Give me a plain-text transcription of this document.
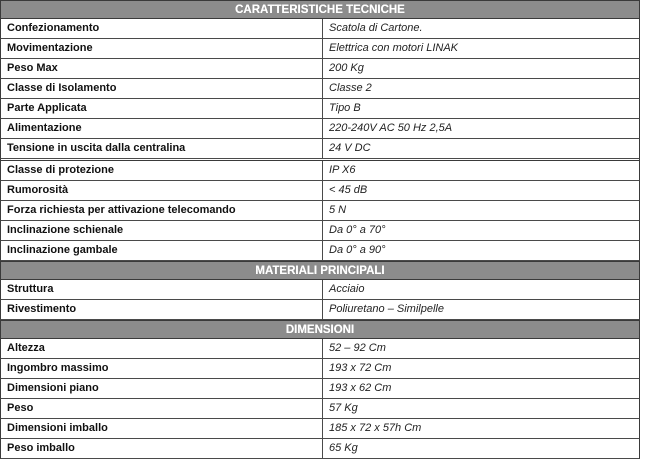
CARATTERISTICHE TECNICHE
Confezionamento	Scatola di Cartone.
Movimentazione	Elettrica con motori LINAK
Peso Max	200 Kg
Classe di Isolamento	Classe 2
Parte Applicata	Tipo B
Alimentazione	220-240V AC 50 Hz 2,5A
Tensione in uscita dalla centralina	24 V DC
Classe di protezione	IP X6
Rumorosità	< 45 dB
Forza richiesta per attivazione telecomando	5 N
Inclinazione schienale	Da 0° a 70°
Inclinazione gambale	Da 0° a 90°
MATERIALI PRINCIPALI
Struttura	Acciaio
Rivestimento	Poliuretano – Similpelle
DIMENSIONI
Altezza	52 – 92 Cm
Ingombro massimo	193 x 72 Cm
Dimensioni piano	193 x 62 Cm
Peso	57 Kg
Dimensioni imballo	185 x 72 x 57h Cm
Peso imballo	65 Kg
